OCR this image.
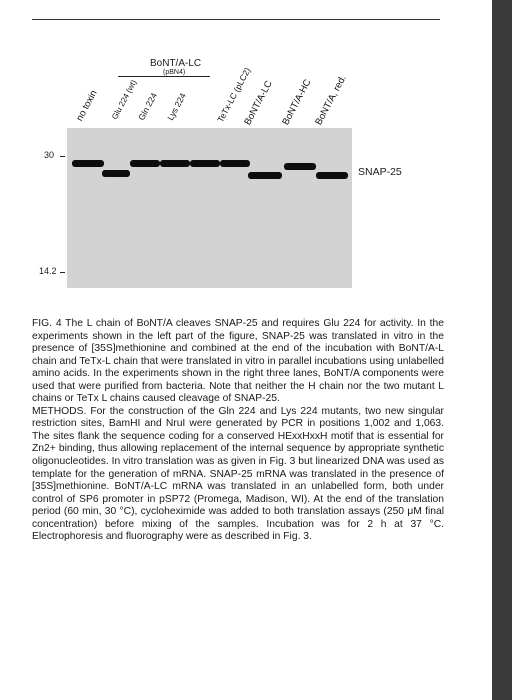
BoNT/A-LC
(pBN4)
no toxin Glu 224 (wt)
Gln 224 Lys 224	TeTx-LC (pLC2)
BoNT/A-LC BoNT/A-HC BoNT/A, red.
30
14.2
SNAP-25

FIG. 4 The L chain of BoNT/A cleaves SNAP-25 and requires Glu 224 for activity. In the experiments shown in the left part of the figure, SNAP-25 was translated in vitro in the presence of [35S]methionine and combined at the end of the incubation with BoNT/A-L chain and TeTx-L chain that were translated in vitro in parallel incubations using unlabelled amino acids. In the experiments shown in the right three lanes, BoNT/A components were used that were purified from bacteria. Note that neither the H chain nor the two mutant L chains or TeTx L chains caused cleavage of SNAP-25.

METHODS. For the construction of the Gln 224 and Lys 224 mutants, two new singular restriction sites, BamHI and NruI were generated by PCR in positions 1,002 and 1,063. The sites flank the sequence coding for a conserved HExxHxxH motif that is essential for Zn2+ binding, thus allowing replacement of the internal sequence by appropriate synthetic oligonucleotides. In vitro translation was as given in Fig. 3 but linearized DNA was used as template for the generation of mRNA. SNAP-25 mRNA was translated in the presence of [35S]methionine. BoNT/A-LC mRNA was translated in an unlabelled form, both under control of SP6 promoter in pSP72 (Promega, Madison, WI). At the end of the translation period (60 min, 30 °C), cycloheximide was added to both translation assays (250 μM final concentration) before mixing of the samples. Incubation was for 2 h at 37 °C. Electrophoresis and fluorography were as described in Fig. 3.
